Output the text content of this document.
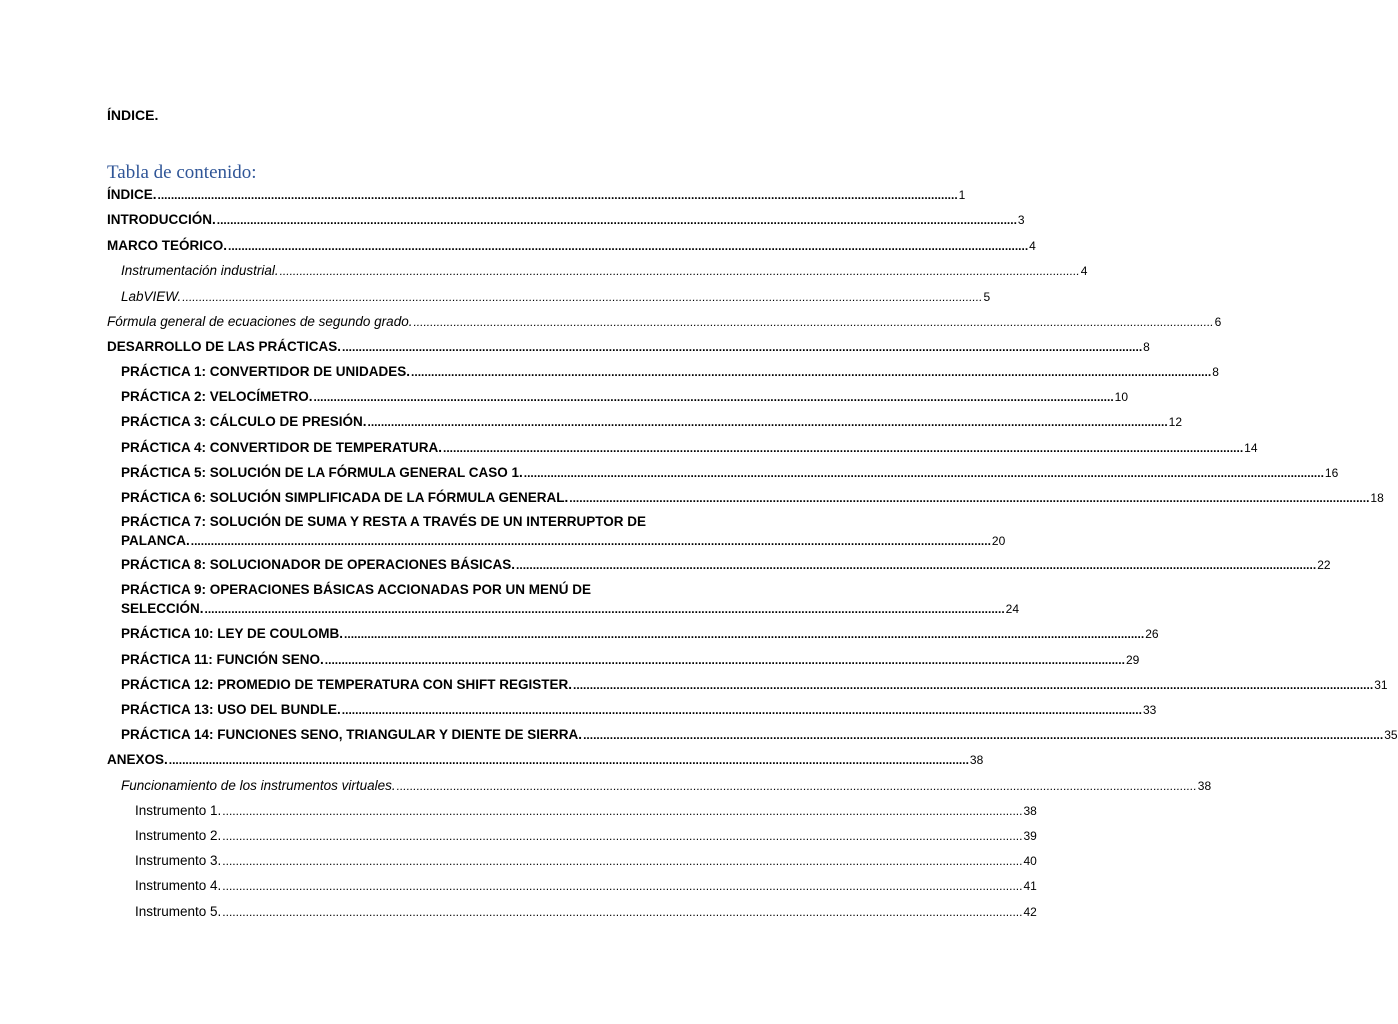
ÍNDICE.
Tabla de contenido:
ÍNDICE. ................................................................................................................................................................................................................................................ 1
INTRODUCCIÓN. ................................................................................................................................................................................................................................................ 3
MARCO TEÓRICO. ................................................................................................................................................................................................................................................ 4
Instrumentación industrial. ................................................................................................................................................................................................................................................ 4
LabVIEW. ................................................................................................................................................................................................................................................ 5
Fórmula general de ecuaciones de segundo grado. ................................................................................................................................................................................................................................................ 6
DESARROLLO DE LAS PRÁCTICAS. ................................................................................................................................................................................................................................................ 8
PRÁCTICA 1: CONVERTIDOR DE UNIDADES. ................................................................................................................................................................................................................................................ 8
PRÁCTICA 2: VELOCÍMETRO. ................................................................................................................................................................................................................................................ 10
PRÁCTICA 3: CÁLCULO DE PRESIÓN. ................................................................................................................................................................................................................................................ 12
PRÁCTICA 4: CONVERTIDOR DE TEMPERATURA. ................................................................................................................................................................................................................................................ 14
PRÁCTICA 5: SOLUCIÓN DE LA FÓRMULA GENERAL CASO 1. ................................................................................................................................................................................................................................................ 16
PRÁCTICA 6: SOLUCIÓN SIMPLIFICADA DE LA FÓRMULA GENERAL. ................................................................................................................................................................................................................................................ 18
PRÁCTICA 7: SOLUCIÓN DE SUMA Y RESTA A TRAVÉS DE UN INTERRUPTOR DE
PALANCA. ................................................................................................................................................................................................................................................ 20
PRÁCTICA 8: SOLUCIONADOR DE OPERACIONES BÁSICAS. ................................................................................................................................................................................................................................................ 22
PRÁCTICA 9: OPERACIONES BÁSICAS ACCIONADAS POR UN MENÚ DE
SELECCIÓN. ................................................................................................................................................................................................................................................ 24
PRÁCTICA 10: LEY DE COULOMB. ................................................................................................................................................................................................................................................ 26
PRÁCTICA 11: FUNCIÓN SENO. ................................................................................................................................................................................................................................................ 29
PRÁCTICA 12: PROMEDIO DE TEMPERATURA CON SHIFT REGISTER. ................................................................................................................................................................................................................................................ 31
PRÁCTICA 13: USO DEL BUNDLE. ................................................................................................................................................................................................................................................ 33
PRÁCTICA 14: FUNCIONES SENO, TRIANGULAR Y DIENTE DE SIERRA. ................................................................................................................................................................................................................................................ 35
ANEXOS. ................................................................................................................................................................................................................................................ 38
Funcionamiento de los instrumentos virtuales. ................................................................................................................................................................................................................................................ 38
Instrumento 1. ................................................................................................................................................................................................................................................ 38
Instrumento 2. ................................................................................................................................................................................................................................................ 39
Instrumento 3. ................................................................................................................................................................................................................................................ 40
Instrumento 4. ................................................................................................................................................................................................................................................ 41
Instrumento 5. ................................................................................................................................................................................................................................................ 42
